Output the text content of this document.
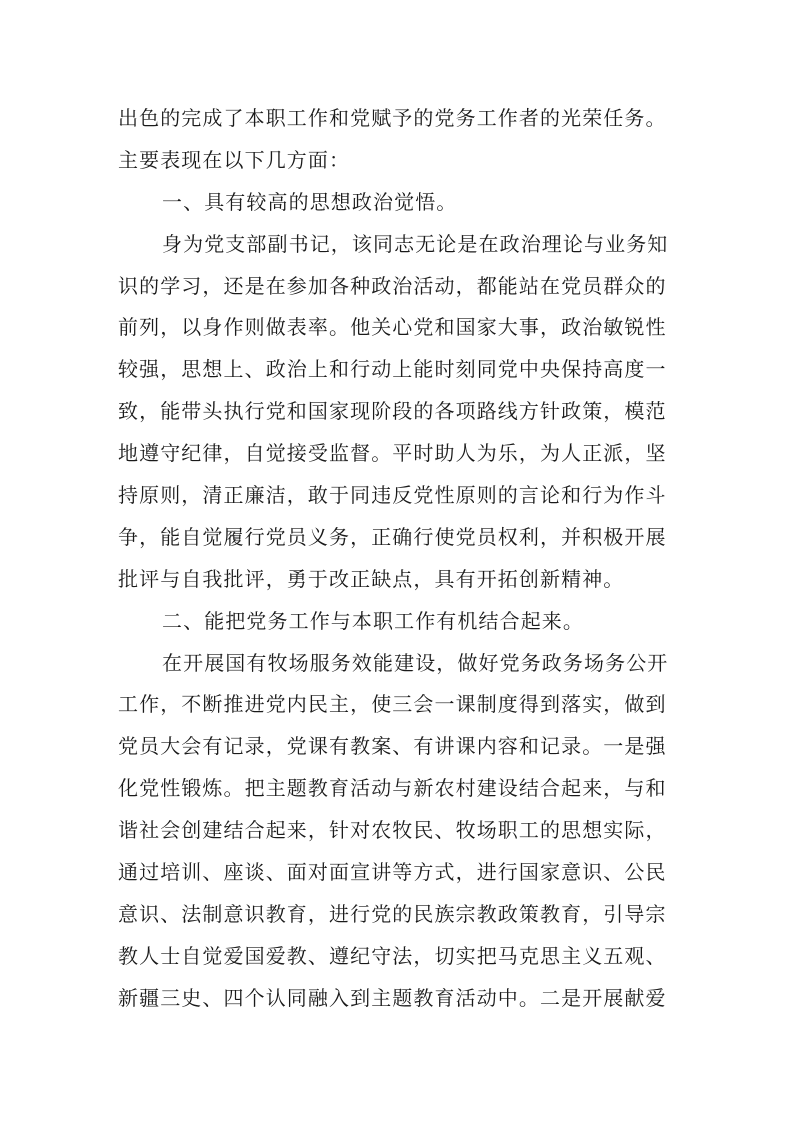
出色的完成了本职工作和党赋予的党务工作者的光荣任务。
主要表现在以下几方面：
一、具有较高的思想政治觉悟。
身为党支部副书记，该同志无论是在政治理论与业务知
识的学习，还是在参加各种政治活动，都能站在党员群众的
前列，以身作则做表率。他关心党和国家大事，政治敏锐性
较强，思想上、政治上和行动上能时刻同党中央保持高度一
致，能带头执行党和国家现阶段的各项路线方针政策，模范
地遵守纪律，自觉接受监督。平时助人为乐，为人正派，坚
持原则，清正廉洁，敢于同违反党性原则的言论和行为作斗
争，能自觉履行党员义务，正确行使党员权利，并积极开展
批评与自我批评，勇于改正缺点，具有开拓创新精神。
二、能把党务工作与本职工作有机结合起来。
在开展国有牧场服务效能建设，做好党务政务场务公开
工作，不断推进党内民主，使三会一课制度得到落实，做到
党员大会有记录，党课有教案、有讲课内容和记录。一是强
化党性锻炼。把主题教育活动与新农村建设结合起来，与和
谐社会创建结合起来，针对农牧民、牧场职工的思想实际，
通过培训、座谈、面对面宣讲等方式，进行国家意识、公民
意识、法制意识教育，进行党的民族宗教政策教育，引导宗
教人士自觉爱国爱教、遵纪守法，切实把马克思主义五观、
新疆三史、四个认同融入到主题教育活动中。二是开展献爱
